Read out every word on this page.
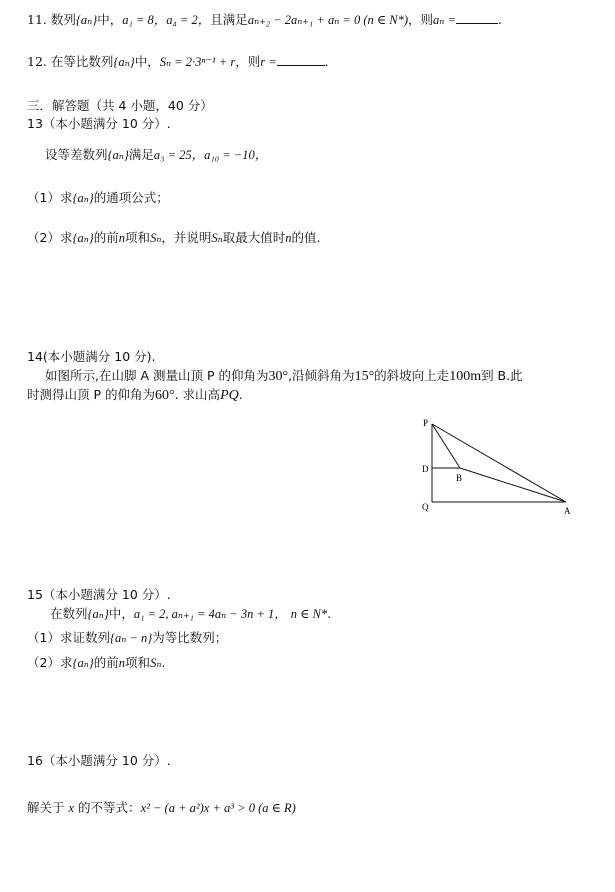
11. 数列{aₙ}中，a₁ = 8，a₄ = 2，且满足aₙ₊₂ − 2aₙ₊₁ + aₙ = 0 (n ∈ N*)，则aₙ =	.
12. 在等比数列{aₙ}中，Sₙ = 2·3ⁿ⁻¹ + r，则r =	.
三．解答题（共 4 小题，40 分）
13（本小题满分 10 分）.
设等差数列{aₙ}满足a₃ = 25，a₁₀ = −10，
（1）求{aₙ}的通项公式；
（2）求{aₙ}的前n项和Sₙ，并说明Sₙ取最大值时n的值.
14(本小题满分 10 分).
如图所示,在山脚 A 测量山顶 P 的仰角为30°,沿倾斜角为15°的斜坡向上走100m到 B.此
时测得山顶 P 的仰角为60°. 求山高PQ.
P
D
B
Q	A
15（本小题满分 10 分）.
在数列{aₙ}中，a₁ = 2, aₙ₊₁ = 4aₙ − 3n + 1， n ∈ N*.
（1）求证数列{aₙ − n}为等比数列；
（2）求{aₙ}的前n项和Sₙ.
16（本小题满分 10 分）.
解关于 x 的不等式：x² − (a + a²)x + a³ > 0 (a ∈ R)
